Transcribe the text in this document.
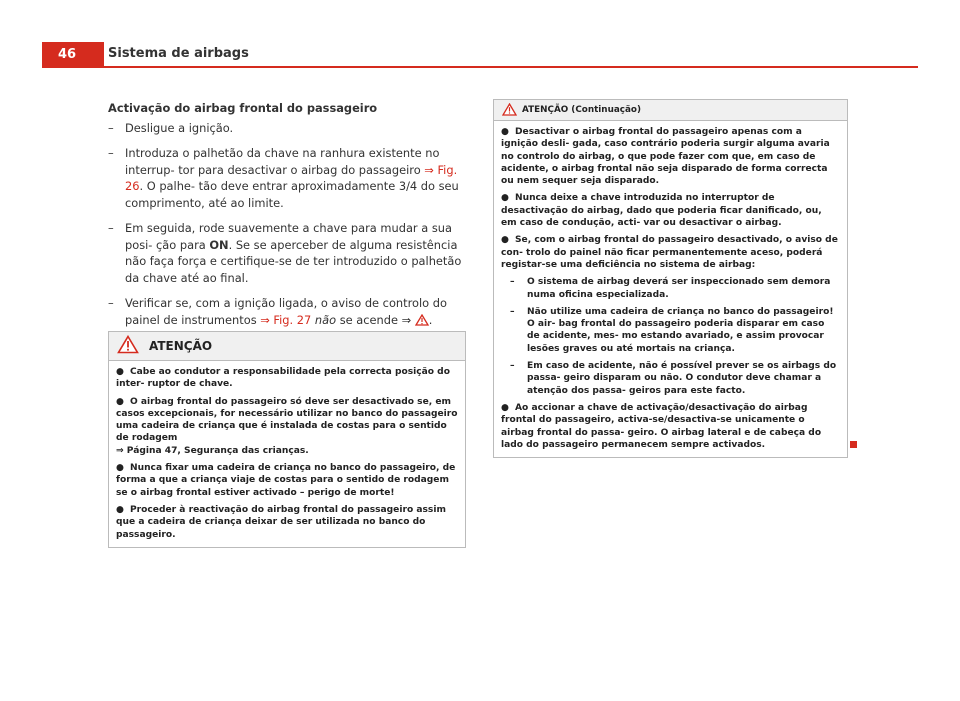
46	Sistema de airbags
Activação do airbag frontal do passageiro
– Desligue a ignição.
– Introduza o palhetão da chave na ranhura existente no interrup- tor para desactivar o airbag do passageiro ⇒ Fig. 26. O palhe- tão deve entrar aproximadamente 3/4 do seu comprimento, até ao limite.
– Em seguida, rode suavemente a chave para mudar a sua posi- ção para ON. Se se aperceber de alguma resistência não faça força e certifique-se de ter introduzido o palhetão da chave até ao final.
– Verificar se, com a ignição ligada, o aviso de controlo do painel de instrumentos ⇒ Fig. 27 não se acende ⇒ .
ATENÇÃO

● Cabe ao condutor a responsabilidade pela correcta posição do inter- ruptor de chave.

● O airbag frontal do passageiro só deve ser desactivado se, em casos excepcionais, for necessário utilizar no banco do passageiro uma cadeira de criança que é instalada de costas para o sentido de rodagem
⇒ Página 47, Segurança das crianças.

● Nunca fixar uma cadeira de criança no banco do passageiro, de forma a que a criança viaje de costas para o sentido de rodagem se o airbag frontal estiver activado – perigo de morte!

● Proceder à reactivação do airbag frontal do passageiro assim que a cadeira de criança deixar de ser utilizada no banco do passageiro.

ATENÇÃO (Continuação)

● Desactivar o airbag frontal do passageiro apenas com a ignição desli- gada, caso contrário poderia surgir alguma avaria no controlo do airbag, o que pode fazer com que, em caso de acidente, o airbag frontal não seja disparado de forma correcta ou nem sequer seja disparado.

● Nunca deixe a chave introduzida no interruptor de desactivação do airbag, dado que poderia ficar danificado, ou, em caso de condução, acti- var ou desactivar o airbag.

● Se, com o airbag frontal do passageiro desactivado, o aviso de con- trolo do painel não ficar permanentemente aceso, poderá registar-se uma deficiência no sistema de airbag:

– O sistema de airbag deverá ser inspeccionado sem demora numa oficina especializada.
– Não utilize uma cadeira de criança no banco do passageiro! O air- bag frontal do passageiro poderia disparar em caso de acidente, mes- mo estando avariado, e assim provocar lesões graves ou até mortais na criança.
– Em caso de acidente, não é possível prever se os airbags do passa- geiro disparam ou não. O condutor deve chamar a atenção dos passa- geiros para este facto.

● Ao accionar a chave de activação/desactivação do airbag frontal do passageiro, activa-se/desactiva-se unicamente o airbag frontal do passa- geiro. O airbag lateral e de cabeça do lado do passageiro permanecem sempre activados.
